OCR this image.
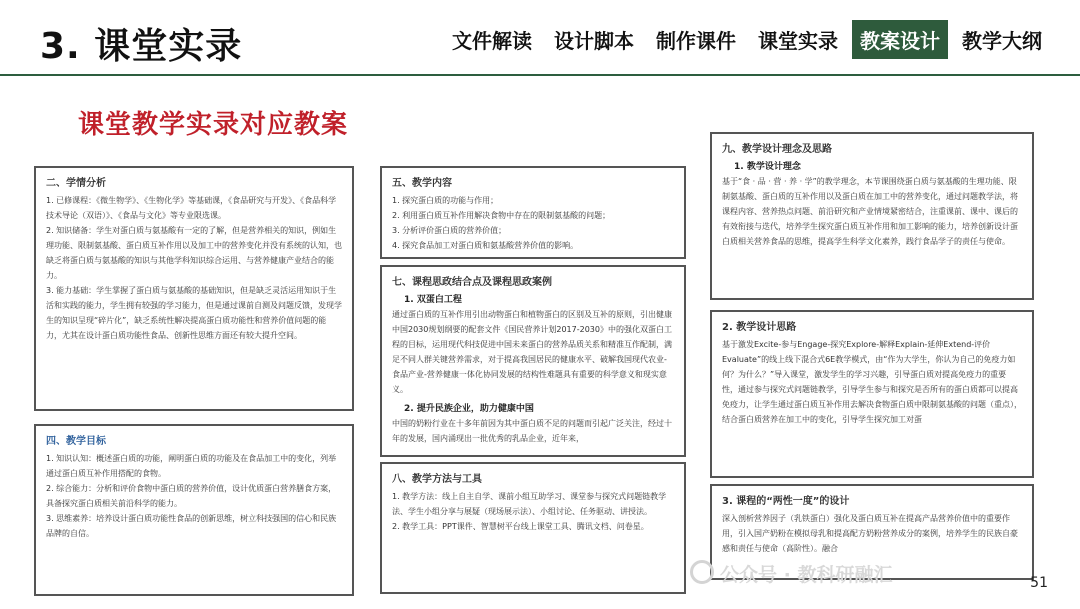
3. 课堂实录	文件解读	设计脚本	制作课件	课堂实录	教案设计	教学大纲
课堂教学实录对应教案
二、学情分析

1. 已修课程：《微生物学》、《生物化学》等基础课，《食品研究与开发》、《食品科学技术导论（双语）》、《食品与文化》等专业限选课。

2. 知识储备：学生对蛋白质与氨基酸有一定的了解，但是营养相关的知识，例如生理功能、限制氨基酸、蛋白质互补作用以及加工中的营养变化并没有系统的认知，也缺乏将蛋白质与氨基酸的知识与其他学科知识综合运用、与营养健康产业结合的能力。

3. 能力基础：学生掌握了蛋白质与氨基酸的基础知识，但是缺乏灵活运用知识于生活和实践的能力，学生拥有较强的学习能力，但是通过课前自测及问题反馈，发现学生的知识呈现“碎片化”，缺乏系统性解决提高蛋白质功能性和营养价值问题的能力，尤其在设计蛋白质功能性食品、创新性思维方面还有较大提升空间。

四、教学目标

1. 知识认知：概述蛋白质的功能，阐明蛋白质的功能及在食品加工中的变化，列举通过蛋白质互补作用搭配的食物。

2. 综合能力：分析和评价食物中蛋白质的营养价值，设计优质蛋白营养膳食方案，具备探究蛋白质相关前沿科学的能力。

3. 思维素养：培养设计蛋白质功能性食品的创新思维，树立科技强国的信心和民族品牌的自信。

五、教学内容

1. 探究蛋白质的功能与作用；

2. 利用蛋白质互补作用解决食物中存在的限制氨基酸的问题；

3. 分析评价蛋白质的营养价值；

4. 探究食品加工对蛋白质和氨基酸营养价值的影响。

七、课程思政结合点及课程思政案例
1. 双蛋白工程

通过蛋白质的互补作用引出动物蛋白和植物蛋白的区别及互补的原则，引出健康中国2030规划纲要的配套文件《国民营养计划2017-2030》中的强化双蛋白工程的目标，运用现代科技促进中国未来蛋白的营养品质关系和精准互作配制，满足不同人群关键营养需求，对于提高我国居民的健康水平、破解我国现代农业-食品产业-营养健康一体化协同发展的结构性难题具有重要的科学意义和现实意义。

2. 提升民族企业，助力健康中国

中国的奶粉行业在十多年前因为其中蛋白质不足的问题而引起广泛关注，经过十年的发展，国内涌现出一批优秀的乳品企业，近年来，

八、教学方法与工具

1. 教学方法：线上自主自学、课前小组互助学习、课堂参与探究式问题链教学法、学生小组分享与展疑（现场展示法）、小组讨论、任务驱动、讲授法。

2. 教学工具：PPT课件、智慧树平台线上课堂工具、腾讯文档、问卷星。

九、教学设计理念及思路
1. 教学设计理念

基于“食 · 品 · 营 · 养 · 学”的教学理念，本节课围绕蛋白质与氨基酸的生理功能、限制氨基酸、蛋白质的互补作用以及蛋白质在加工中的营养变化，通过问题教学法，将课程内容、营养热点问题、前沿研究和产业情境紧密结合，注重课前、课中、课后的有效衔接与迭代，培养学生探究蛋白质互补作用和加工影响的能力，培养创新设计蛋白质相关营养食品的思维，提高学生科学文化素养，践行食品学子的责任与使命。

2. 教学设计思路

基于激发Excite-参与Engage-探究Explore-解释Explain-延伸Extend-评价Evaluate”的线上线下混合式6E教学模式，由“作为大学生，你认为自己的免疫力如何？为什么？”导入课堂，激发学生的学习兴趣，引导蛋白质对提高免疫力的重要性，通过参与探究式问题链教学，引导学生参与和探究是否所有的蛋白质都可以提高免疫力，让学生通过蛋白质互补作用去解决食物蛋白质中限制氨基酸的问题（重点），结合蛋白质营养在加工中的变化，引导学生探究加工对蛋

3. 课程的“两性一度”的设计

深入剖析营养因子（乳铁蛋白）强化及蛋白质互补在提高产品营养价值中的重要作用，引入国产奶粉在模拟母乳和提高配方奶粉营养成分的案例，培养学生的民族自豪感和责任与使命（高阶性）。融合

公众号 · 教科研融汇	51
